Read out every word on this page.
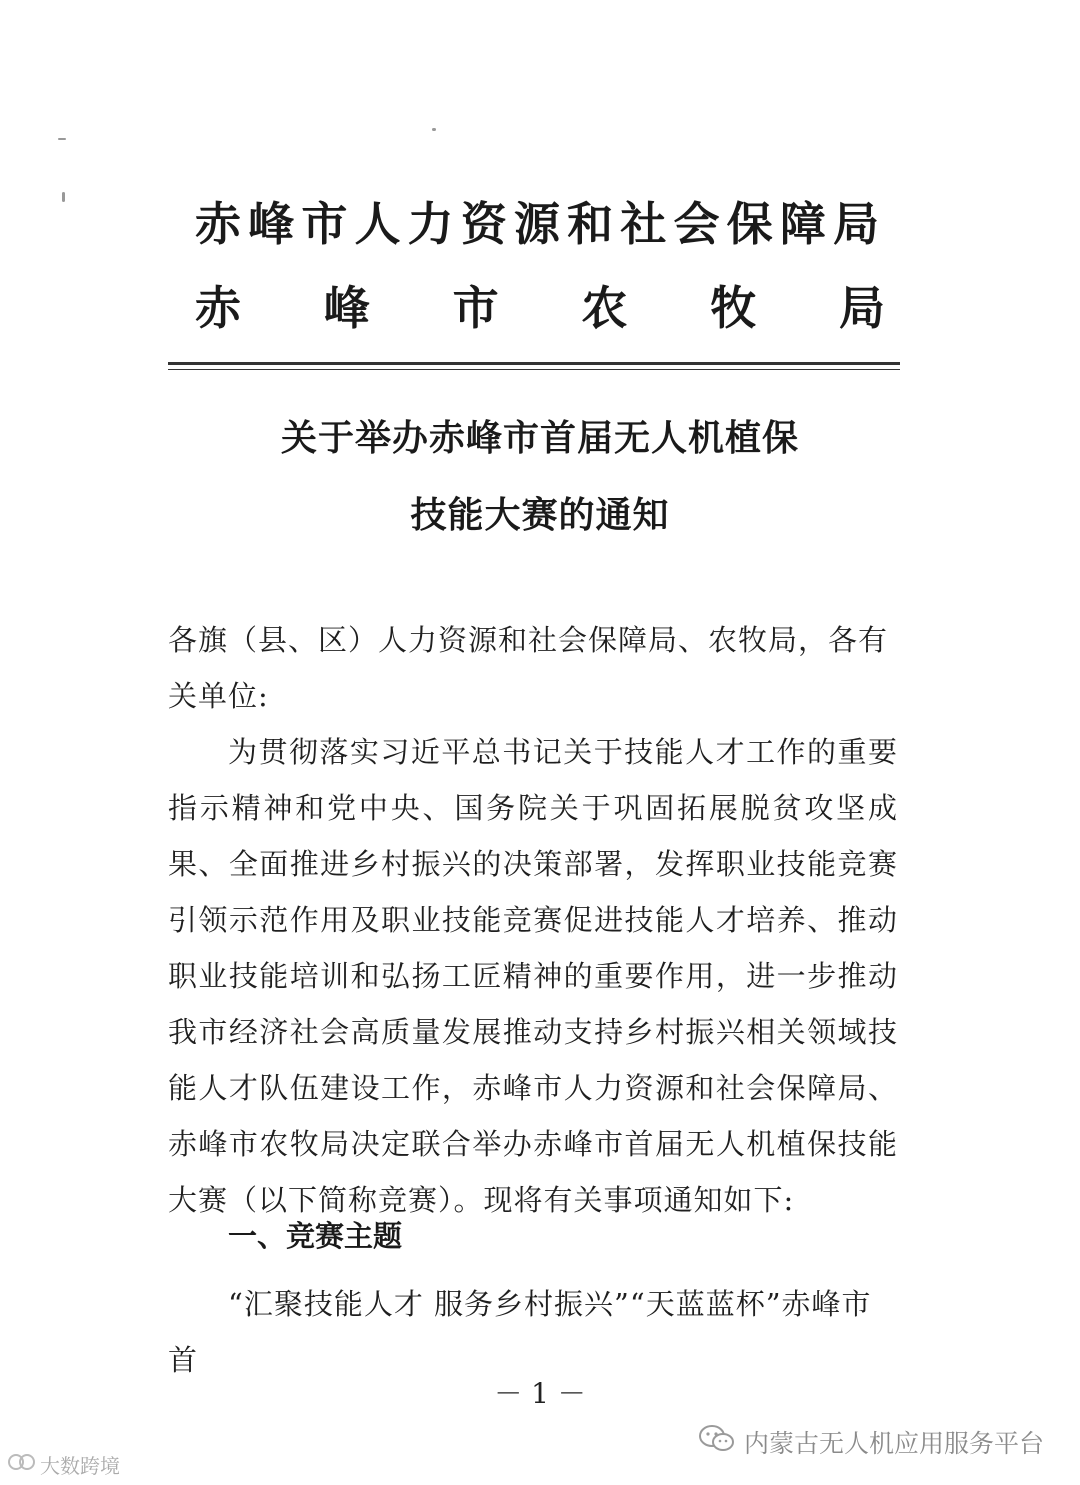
赤峰市人力资源和社会保障局
赤 峰 市 农 牧 局
关于举办赤峰市首届无人机植保
技能大赛的通知
各旗（县、区）人力资源和社会保障局、农牧局，各有关单位:
为贯彻落实习近平总书记关于技能人才工作的重要指示精神和党中央、国务院关于巩固拓展脱贫攻坚成果、全面推进乡村振兴的决策部署，发挥职业技能竞赛引领示范作用及职业技能竞赛促进技能人才培养、推动职业技能培训和弘扬工匠精神的重要作用，进一步推动我市经济社会高质量发展推动支持乡村振兴相关领域技能人才队伍建设工作，赤峰市人力资源和社会保障局、赤峰市农牧局决定联合举办赤峰市首届无人机植保技能大赛（以下简称竞赛）。现将有关事项通知如下:
一、竞赛主题
“汇聚技能人才 服务乡村振兴”“天蓝蓝杯”赤峰市首
－ 1 －
大数跨境
内蒙古无人机应用服务平台
